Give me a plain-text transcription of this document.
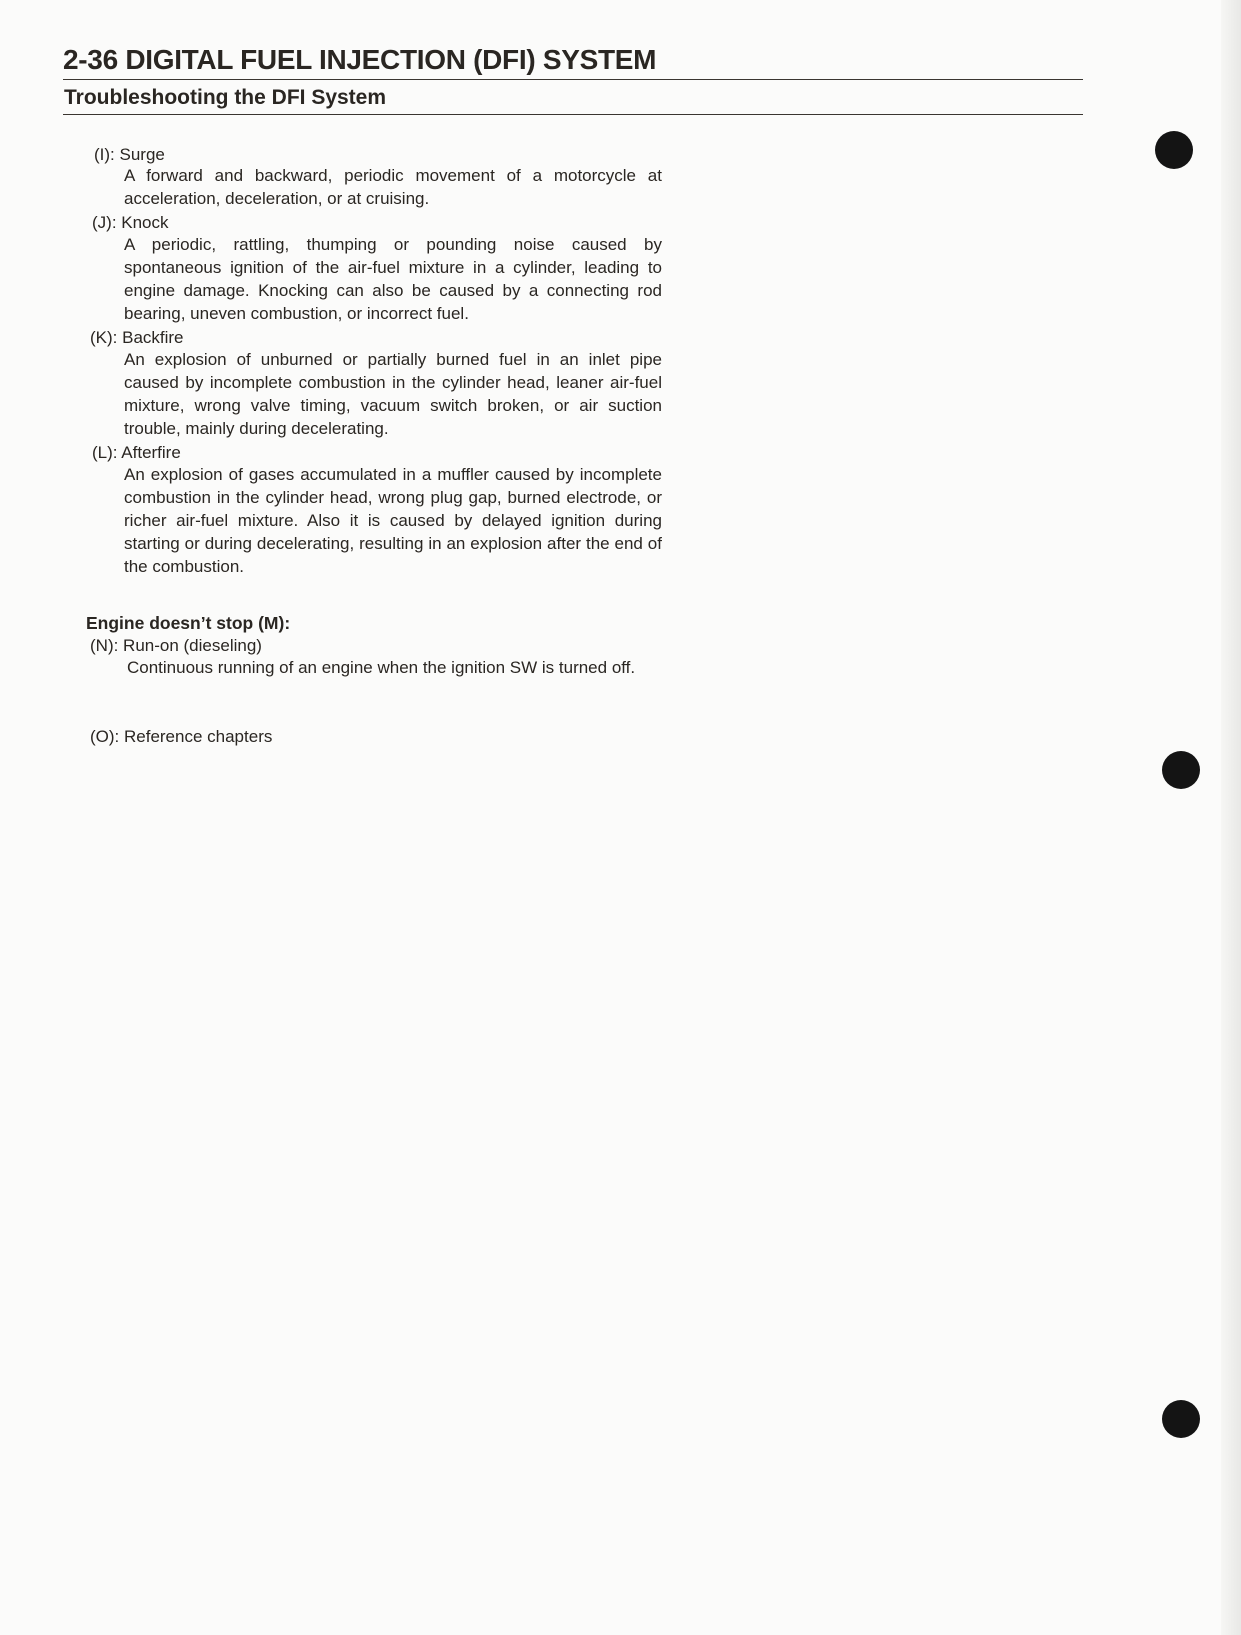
2-36 DIGITAL FUEL INJECTION (DFI) SYSTEM
Troubleshooting the DFI System
(I): Surge
A forward and backward, periodic movement of a motorcycle at acceleration, deceleration, or at cruising.
(J): Knock
A periodic, rattling, thumping or pounding noise caused by spontaneous ignition of the air-fuel mixture in a cylinder, leading to engine damage. Knocking can also be caused by a connecting rod bearing, uneven combustion, or incorrect fuel.
(K): Backfire
An explosion of unburned or partially burned fuel in an inlet pipe caused by incomplete combustion in the cylinder head, leaner air-fuel mixture, wrong valve timing, vacuum switch broken, or air suction trouble, mainly during decelerating.
(L): Afterfire
An explosion of gases accumulated in a muffler caused by incomplete combustion in the cylinder head, wrong plug gap, burned electrode, or richer air-fuel mixture. Also it is caused by delayed ignition during starting or during decelerating, resulting in an explosion after the end of the combustion.
Engine doesn’t stop (M):
(N): Run-on (dieseling)
Continuous running of an engine when the ignition SW is turned off.
(O): Reference chapters
